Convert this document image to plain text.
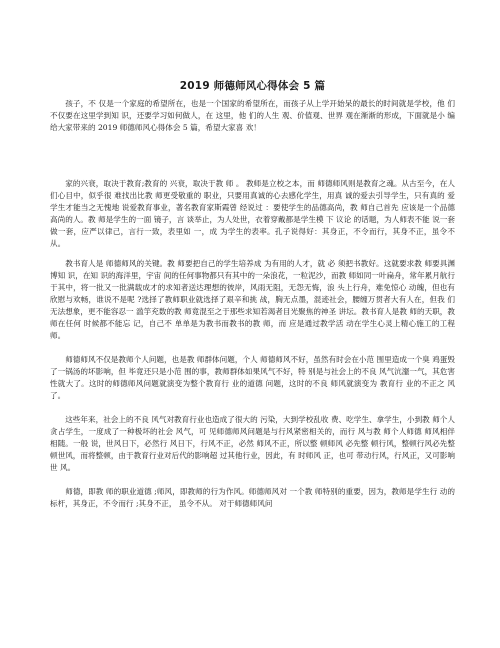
2019 师德师风心得体会 5 篇

孩子，不 仅是一个家庭的希望所在，也是一个国家的希望所在，而孩子从上学开始呆的最长的时间就是学校，他 们不仅要在这里学到知 识，还要学习如何做人，在 这里，他 们的人生 观、价值观、世界 观在渐渐的形成，下面就是小 编给大家带来的 2019 师德师风心得体会 5 篇，希望大家喜 欢！

家的兴衰，取决于教育;教育的 兴衰，取决于教 师 。 教师是立校之本，而 师德师风则是教育之魂。从古至今，在人 们心目中，似乎很 难找出比教 师更受敬重的 职业，只要用真诚的心去感化学生，用真 诚的爱去引导学生，只有真的 爱学生才能当之无愧地 说爱教育事业，著名教育家斯霞曾 经说过 ：要使学生的品德高尚，教 师自己首先 应该是一个品德高尚的人。教 师是学生的一面 镜子，言 谈举止，为人处世，衣着穿戴都是学生模 下 议论 的话题，为人师表不能 说一套做一套，应严以律己，言行一致，表里如 一，成 为学生的表率。孔子说得好：其身正，不令而行，其身不正，虽令不从。

教书育人是 师德师风的关键。教 师要把自己的学生培养成 为有用的人才，就 必 须把书教好。这就要求教 师要具渊博知 识，在知 识的海洋里，宇宙 间的任何事物都只有其中的一朵浪花，一粒泥沙，而教 师如同一叶扁舟，常年累月航行于其中，将一批又一批满载成才的求知者送达理想的彼岸，风雨无阻，无怨无悔，浪 头上行舟，难免惊心 动魄，但也有欣慰与欢畅，谁说不是呢 ?选择了教师职业就选择了艰辛和挑 战，胸无点墨，混迹社会，腰缠万贯者大有人在，但我 们无法想象，更不能容忍一 滥竽充数的教 师竟混至之于那些求知若渴者目光聚焦的神圣 讲坛。教书育人是教 师的天职，教师在任何 时候都不能忘 记，自己不 单单是为教书而教书的教 师，而 应是通过教学活 动在学生心灵上精心施工的工程师。

师德师风不仅是教师个人问题，也是教 师群体问题，个人 师德师风不好，虽然有时会在小范 围里造成一个臭 鸡蛋毁了一锅汤的坏影响，但 毕竟还只是小范 围的事，教师群体如果风气不好，特 别是与社会上的不良 风气沆瀣一气，其危害性就大了。这时的师德师风问题就演变为整个教育行 业的道德 问题，这时的不良 师风就演变为 教育行 业的不正之 风了。

这些年来，社会上的不良 风气对教育行业也造成了很大的 污染，大到学校乱收 费、吃学生、拿学生，小到教 师个人贪占学生，一度成了一种极坏的社会 风气，可 见师德师风问题是与行风紧密相关的，而行 风与教 师个人师德 师风相伴相随。一般 说，世风日下，必然行 风日下，行风不正，必然 师风不正，所以整 顿师风 必先整 顿行风，整顿行风必先整 顿世风，而将整顿，由于教育行业对后代的影响超 过其他行业，因此，有 时师风 正，也可 带动行风，行风正，又可影响世 风。

师德，即教 师的职业道德 ;师风，即教师的行为作风。师德师风对 一个教 师特别的重要，因为，教师是学生行 动的标杆，其身正，不令而行 ;其身不正， 虽令不从。 对于师德师风问
